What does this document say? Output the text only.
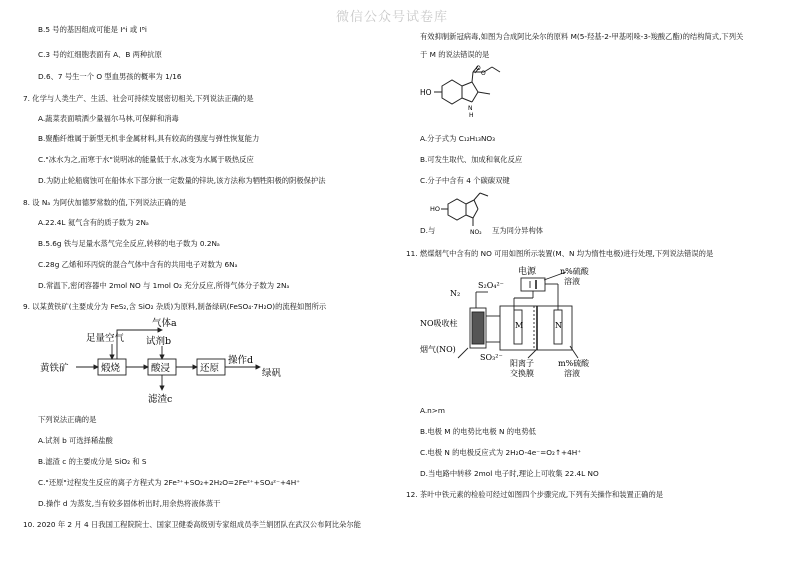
微信公众号试卷库
B.5 号的基因组成可能是 Iᴬi 或 Iᴮi
C.3 号的红细胞表面有 A、B 两种抗原
D.6、7 号生一个 O 型血男孩的概率为 1/16
7. 化学与人类生产、生活、社会可持续发展密切相关,下列说法正确的是
A.蔬菜表面喷洒少量福尔马林,可保鲜和消毒
B.聚酯纤维属于新型无机非金属材料,具有较高的强度与弹性恢复能力
C."冰水为之,而寒于水"说明冰的能量低于水,冰变为水属于吸热反应
D.为防止轮船腐蚀可在船体水下部分嵌一定数量的锌块,该方法称为牺牲阳极的阴极保护法
8. 设 Nₐ 为阿伏加德罗常数的值,下列说法正确的是
A.22.4L 氦气含有的质子数为 2Nₐ
B.5.6g 铁与足量水蒸气完全反应,转移的电子数为 0.2Nₐ
C.28g 乙烯和环丙烷的混合气体中含有的共用电子对数为 6Nₐ
D.常温下,密闭容器中 2mol NO 与 1mol O₂ 充分反应,所得气体分子数为 2Nₐ
9. 以某黄铁矿(主要成分为 FeS₂,含 SiO₂ 杂质)为原料,制备绿矾(FeSO₄·7H₂O)的流程如图所示
足量空气
气体a
试剂b
黄铁矿	煅烧	酸浸	还原
操作d
绿矾
滤渣c
下列说法正确的是
A.试剂 b 可选择稀盐酸
B.滤渣 c 的主要成分是 SiO₂ 和 S
C."还原"过程发生反应的离子方程式为 2Fe³⁺+SO₂+2H₂O=2Fe²⁺+SO₄²⁻+4H⁺
D.操作 d 为蒸发,当有较多固体析出时,用余热将液体蒸干
10. 2020 年 2 月 4 日我国工程院院士、国家卫健委高级别专家组成员李兰娟团队在武汉公布阿比朵尔能
有效抑制新冠病毒,如图为合成阿比朵尔的原料 M(5-羟基-2-甲基吲哚-3-羧酸乙酯)的结构简式,下列关
于 M 的说法错误的是
O
O
HO
N
H
A.分子式为 C₁₂H₁₃NO₃
B.可发生取代、加成和氧化反应
C.分子中含有 4 个碳碳双键
HO
NO₂
D.与	互为同分异构体
11. 燃煤烟气中含有的 NO 可用如图所示装置(M、N 均为惰性电极)进行处理,下列说法错误的是
电源
N₂
S₂O₄²⁻
NO吸收柱
烟气(NO)
SO₃²⁻
M	N
阳离子
交换膜
n%硫酸
溶液
m%硫酸
溶液
A.n>m
B.电极 M 的电势比电极 N 的电势低
C.电极 N 的电极反应式为 2H₂O-4e⁻=O₂↑+4H⁺
D.当电路中转移 2mol 电子时,理论上可收集 22.4L NO
12. 茶叶中铁元素的检验可经过如图四个步骤完成,下列有关操作和装置正确的是
